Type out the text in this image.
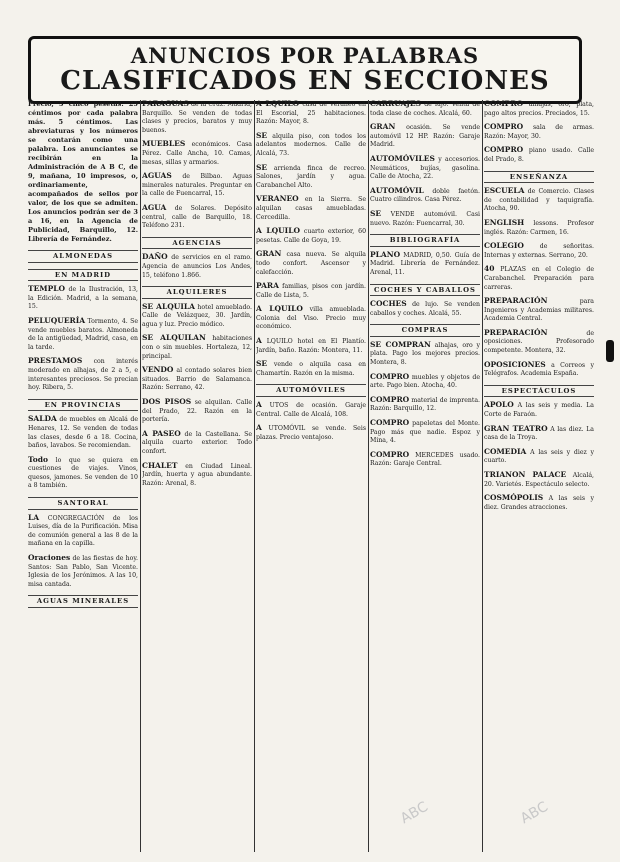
ANUNCIOS POR PALABRAS
CLASIFICADOS EN SECCIONES
Precio, 5 cinco pesetas. 25 céntimos por cada palabra más. 5 céntimos. Las abreviaturas y los números se contarán como una palabra. Los anunciantes se recibirán en la Administración de A B C, de 9, mañana, 10 impresos, o, ordinariamente, acompañados de sellos por valor, de los que se admiten. Los anuncios podrán ser de 3 a 16, en la Agencia de Publicidad, Barquillo, 12. Librería de Fernández.
ALMONEDAS
EN MADRID

TEMPLO de la Ilustración, 13, la Edición. Madrid, a la semana, 15.

PELUQUERÍA Tormento, 4. Se vende muebles baratos. Almoneda de la antigüedad, Madrid, casa, en la tarde.

PRESTAMOS con interés moderado en alhajas, de 2 a 5, e interesantes preciosos. Se precian hoy. Ribera, 5.

EN PROVINCIAS

SALDA de muebles en Alcalá de Henares, 12. Se venden de todas las clases, desde 6 a 18. Cocina, baños, lavabos. Se recomiendan.

Todo lo que se quiera en cuestiones de viajes. Vinos, quesos, jamones. Se venden de 10 a 8 también.

SANTORAL

LA CONGREGACIÓN de los Luises, día de la Purificación. Misa de comunión general a las 8 de la mañana en la capilla.

Oraciones de las fiestas de hoy. Santos: San Pablo, San Vicente. Iglesia de los Jerónimos. A las 10, misa cantada.

AGUAS MINERALES

PARAGUAS de la Cruz. Madrid, Barquillo. Se venden de todas clases y precios, baratos y muy buenos.

MUEBLES económicos. Casa Pérez. Calle Ancha, 10. Camas, mesas, sillas y armarios.

AGUAS de Bilbao. Aguas minerales naturales. Preguntar en la calle de Fuencarral, 15.

AGUA de Solares. Depósito central, calle de Barquillo, 18. Teléfono 231.

AGENCIAS

DAÑO de servicios en el ramo. Agencia de anuncios Los Andes, 15, teléfono 1.866.

ALQUILERES

SE ALQUILA hotel amueblado. Calle de Velázquez, 30. Jardín, agua y luz. Precio módico.

SE ALQUILAN habitaciones con o sin muebles. Hortaleza, 12, principal.

VENDO al contado solares bien situados. Barrio de Salamanca. Razón: Serrano, 42.

DOS PISOS se alquilan. Calle del Prado, 22. Razón en la portería.

A PASEO de la Castellana. Se alquila cuarto exterior. Todo confort.

CHALET en Ciudad Lineal. Jardín, huerta y agua abundante. Razón: Arenal, 8.

A LQUILO casa de veraneo en El Escorial, 25 habitaciones. Razón: Mayor, 8.

SE alquila piso, con todos los adelantos modernos. Calle de Alcalá, 73.

SE arrienda finca de recreo. Salones, jardín y agua. Carabanchel Alto.

VERANEO en la Sierra. Se alquilan casas amuebladas. Cercedilla.

A LQUILO cuarto exterior, 60 pesetas. Calle de Goya, 19.

GRAN casa nueva. Se alquila todo confort. Ascensor y calefacción.

PARA familias, pisos con jardín. Calle de Lista, 5.

A LQUILO villa amueblada. Colonia del Viso. Precio muy económico.

A LQUILO hotel en El Plantío. Jardín, baño. Razón: Montera, 11.

SE vende o alquila casa en Chamartín. Razón en la misma.

AUTOMÓVILES

A UTOS de ocasión. Garaje Central. Calle de Alcalá, 108.

A UTOMÓVIL se vende. Seis plazas. Precio ventajoso.

CARRUAJES de lujo. Venta de toda clase de coches. Alcalá, 60.

GRAN ocasión. Se vende automóvil 12 HP. Razón: Garaje Madrid.

AUTOMÓVILES y accesorios. Neumáticos, bujías, gasolina. Calle de Atocha, 22.

AUTOMÓVIL doble faetón. Cuatro cilindros. Casa Pérez.

SE VENDE automóvil. Casi nuevo. Razón: Fuencarral, 30.

BIBLIOGRAFÍA

PLANO MADRID, 0,50. Guía de Madrid. Librería de Fernández. Arenal, 11.

COCHES Y CABALLOS

COCHES de lujo. Se venden caballos y coches. Alcalá, 55.

COMPRAS

SE COMPRAN alhajas, oro y plata. Pago los mejores precios. Montera, 8.

COMPRO muebles y objetos de arte. Pago bien. Atocha, 40.

COMPRO material de imprenta. Razón: Barquillo, 12.

COMPRO papeletas del Monte. Pago más que nadie. Espoz y Mina, 4.

COMPRO MERCEDES usado. Razón: Garaje Central.

COMPRO alhajas, oro, plata, pago altos precios. Preciados, 15.

COMPRO sala de armas. Razón: Mayor, 30.

COMPRO piano usado. Calle del Prado, 8.

ENSEÑANZA

ESCUELA de Comercio. Clases de contabilidad y taquigrafía. Atocha, 90.

ENGLISH lessons. Profesor inglés. Razón: Carmen, 16.

COLEGIO	de señoritas. Internas y externas. Serrano, 20.

40 PLAZAS en el Colegio de Carabanchel. Preparación para carreras.

PREPARACIÓN	para Ingenieros y Academias militares. Academia Central.

PREPARACIÓN	de oposiciones. Profesorado competente. Montera, 32.

OPOSICIONES a Correos y Telégrafos. Academia España.

ESPECTÁCULOS

APOLO A las seis y media. La Corte de Faraón.

GRAN TEATRO A las diez. La casa de la Troya.

COMEDIA A las seis y diez y cuarto.

TRIANON PALACE Alcalá, 20. Varietés. Espectáculo selecto.

COSMÓPOLIS A las seis y diez. Grandes atracciones.

ABC	ABC
